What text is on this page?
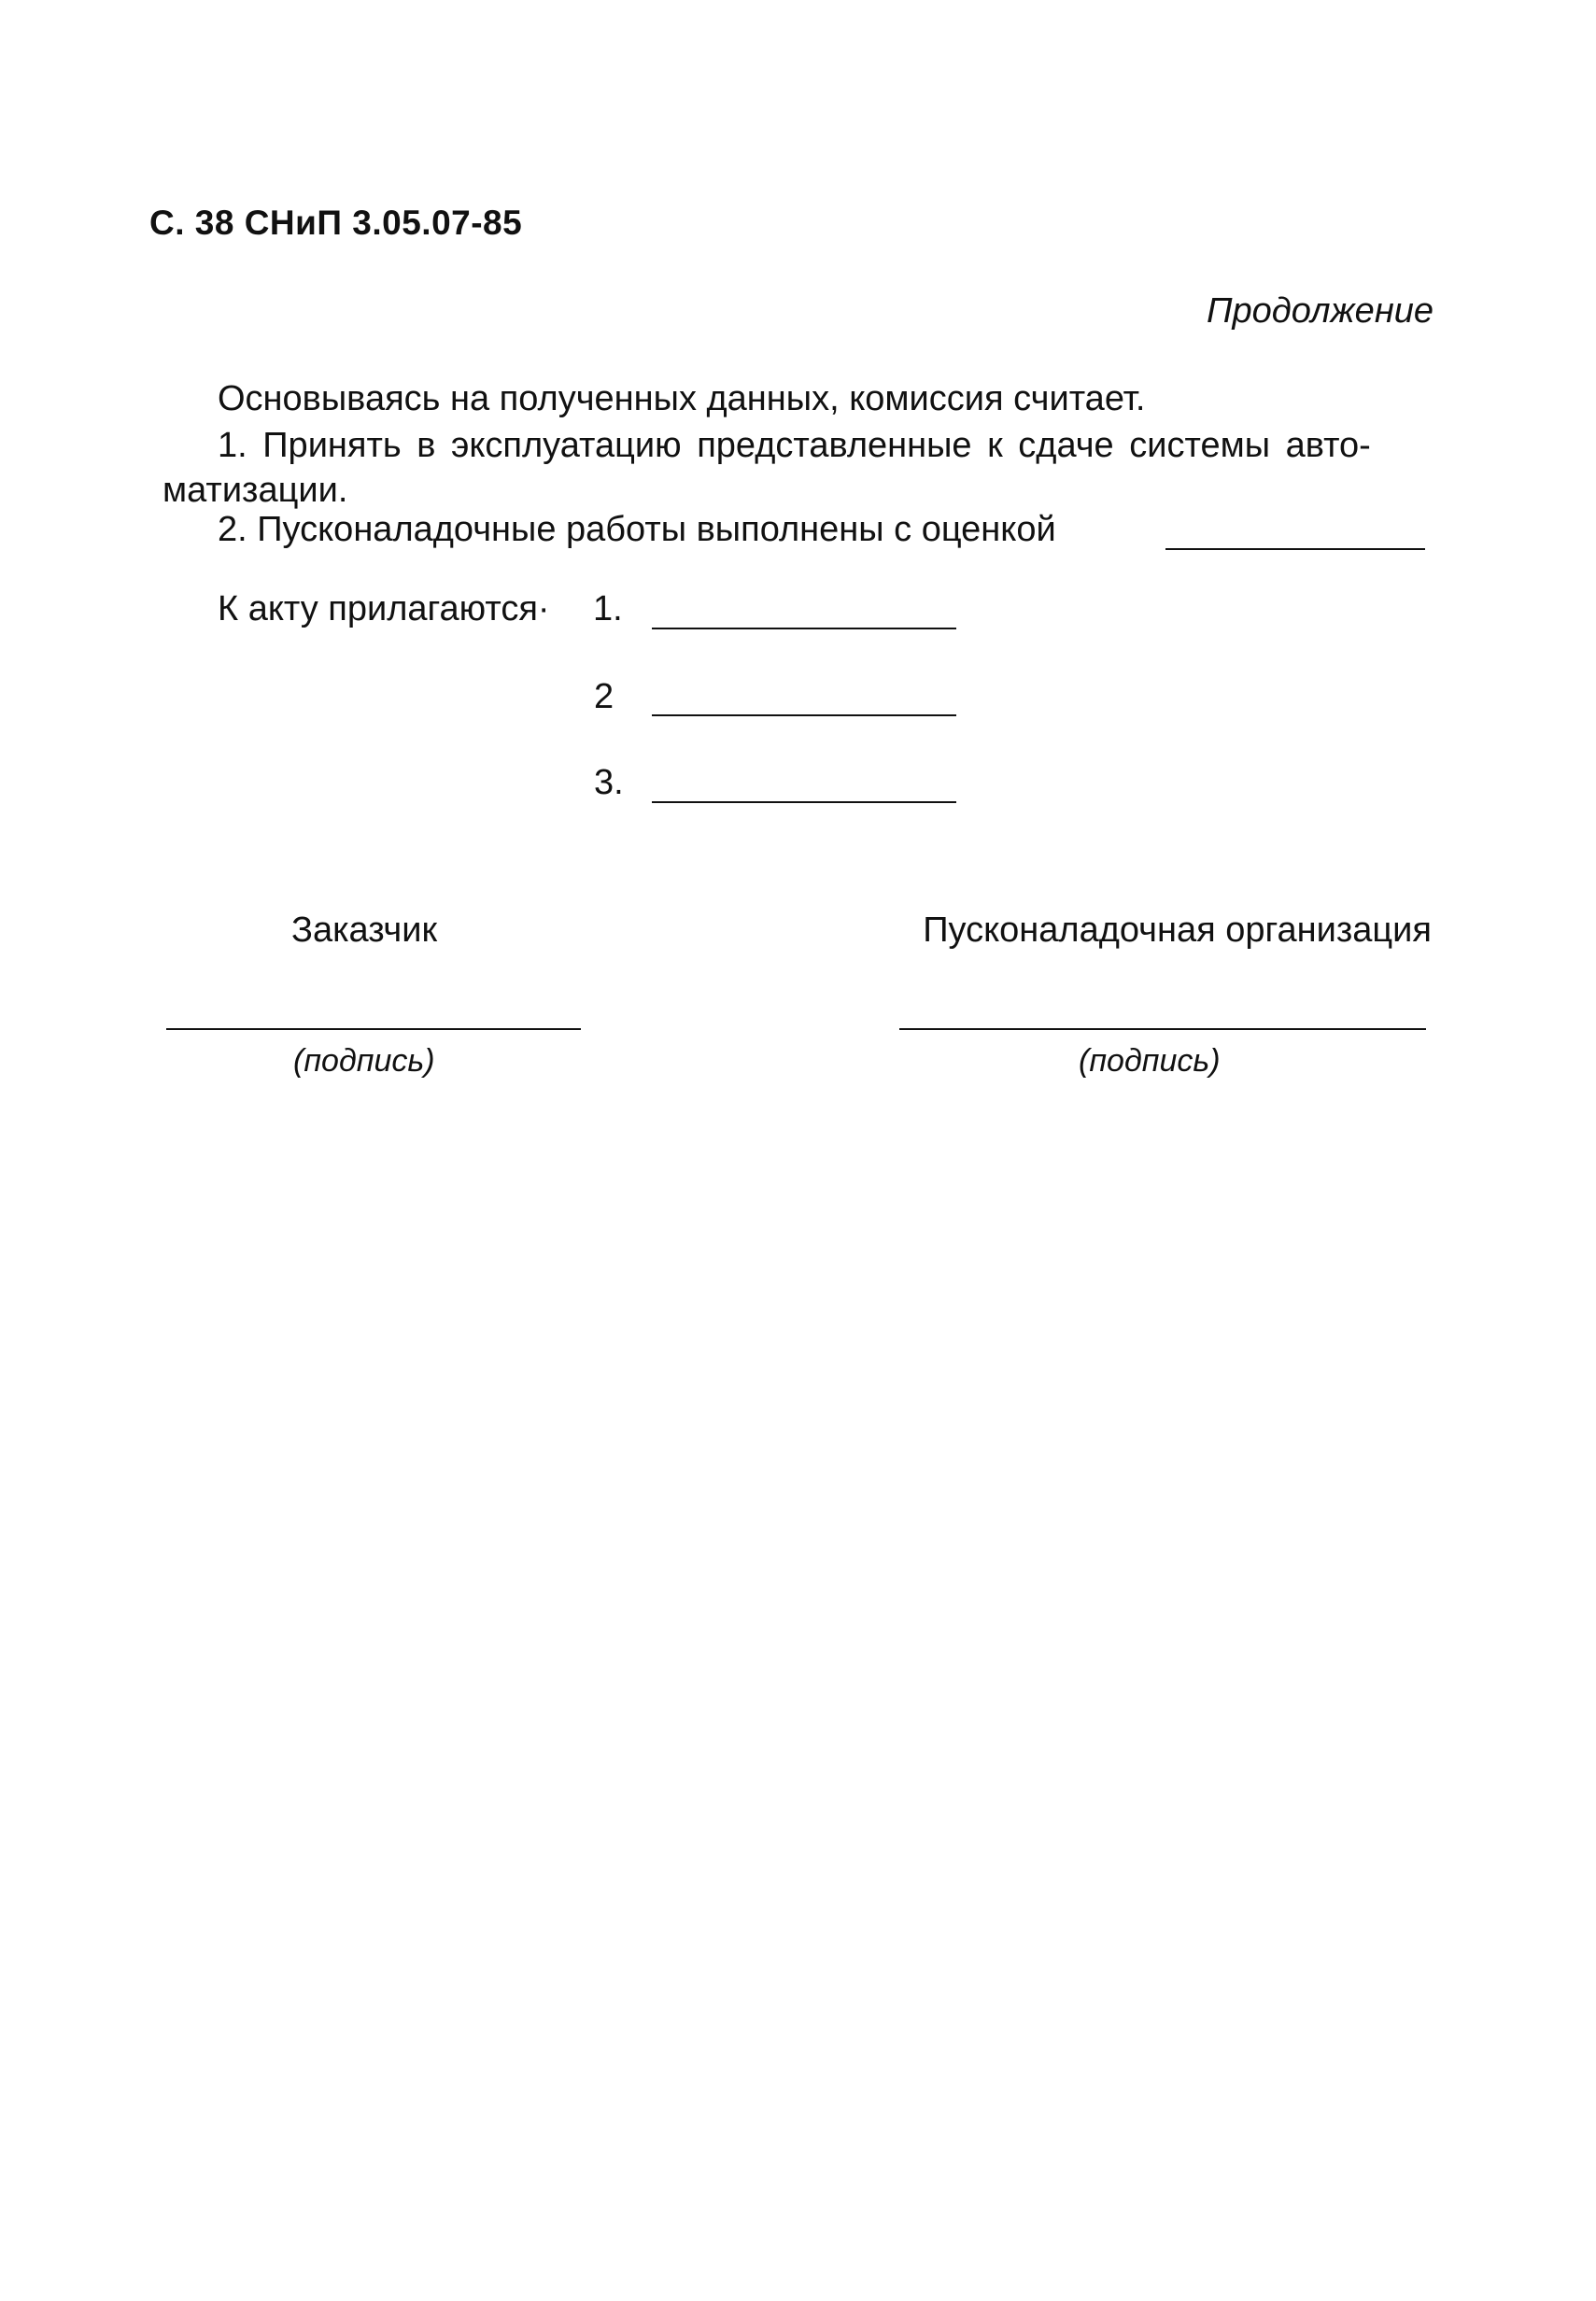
С. 38 СНиП 3.05.07-85
Продолжение
Основываясь на полученных данных, комиссия считает.
1. Принять в эксплуатацию представленные к сдаче системы авто-
матизации.
2. Пусконаладочные работы выполнены с оценкой
К акту прилагаются· 1.
2
3.
Заказчик	Пусконаладочная организация
(подпись)	(подпись)
